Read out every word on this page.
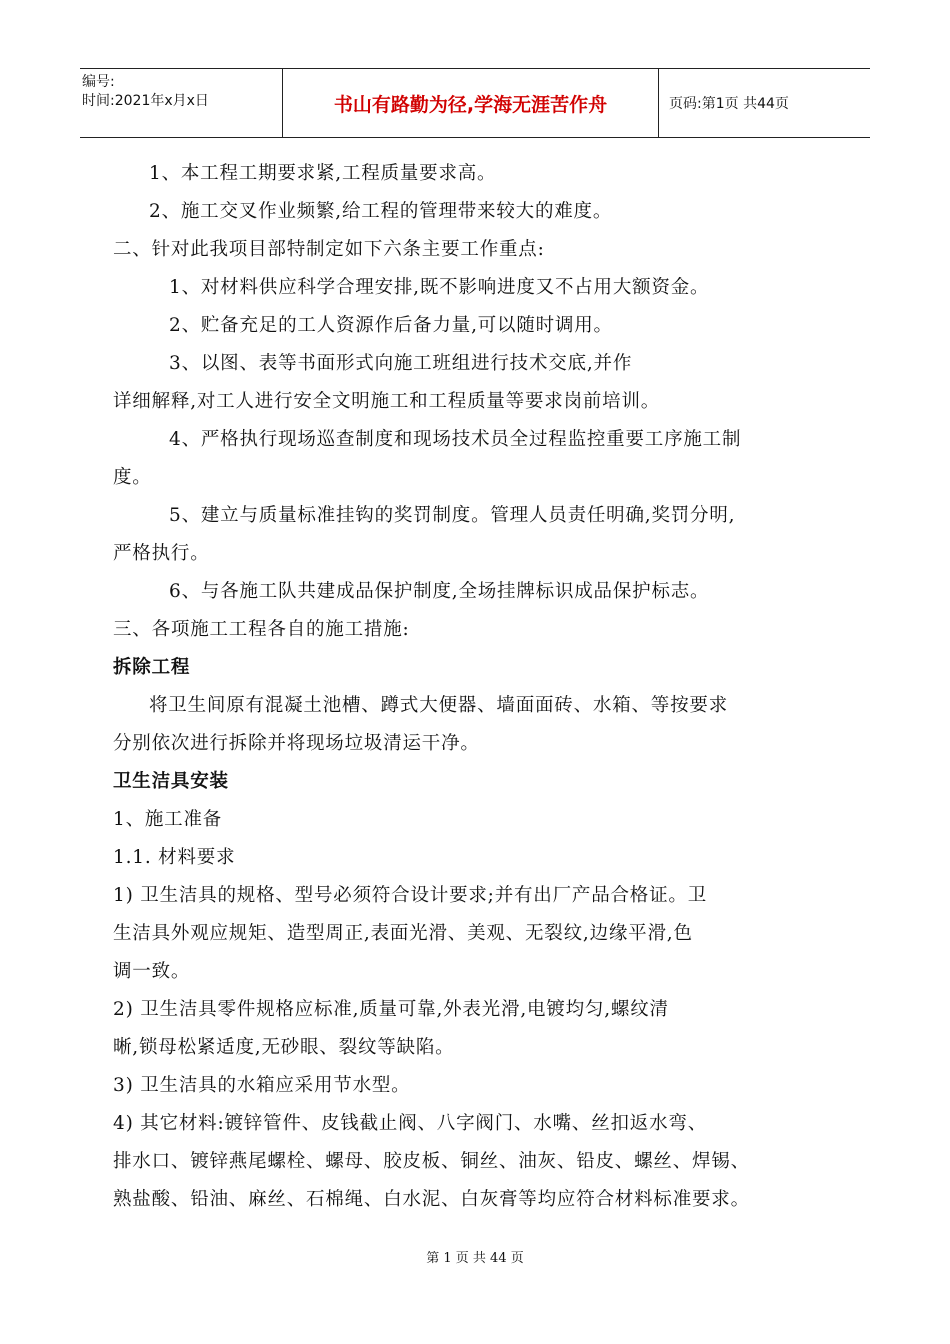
编号:
时间:2021年x月x日	书山有路勤为径,学海无涯苦作舟	页码:第1页 共44页
1、本工程工期要求紧,工程质量要求高。
2、施工交叉作业频繁,给工程的管理带来较大的难度。
二、针对此我项目部特制定如下六条主要工作重点:
1、对材料供应科学合理安排,既不影响进度又不占用大额资金。
2、贮备充足的工人资源作后备力量,可以随时调用。
3、以图、表等书面形式向施工班组进行技术交底,并作
详细解释,对工人进行安全文明施工和工程质量等要求岗前培训。
4、严格执行现场巡查制度和现场技术员全过程监控重要工序施工制
度。
5、建立与质量标准挂钩的奖罚制度。管理人员责任明确,奖罚分明,
严格执行。
6、与各施工队共建成品保护制度,全场挂牌标识成品保护标志。
三、各项施工工程各自的施工措施:
拆除工程
将卫生间原有混凝土池槽、蹲式大便器、墙面面砖、水箱、等按要求
分别依次进行拆除并将现场垃圾清运干净。
卫生洁具安装
1、施工准备
1.1. 材料要求
1) 卫生洁具的规格、型号必须符合设计要求;并有出厂产品合格证。卫
生洁具外观应规矩、造型周正,表面光滑、美观、无裂纹,边缘平滑,色
调一致。
2) 卫生洁具零件规格应标准,质量可靠,外表光滑,电镀均匀,螺纹清
晰,锁母松紧适度,无砂眼、裂纹等缺陷。
3) 卫生洁具的水箱应采用节水型。
4) 其它材料:镀锌管件、皮钱截止阀、八字阀门、水嘴、丝扣返水弯、
排水口、镀锌燕尾螺栓、螺母、胶皮板、铜丝、油灰、铅皮、螺丝、焊锡、
熟盐酸、铅油、麻丝、石棉绳、白水泥、白灰膏等均应符合材料标准要求。
第 1 页 共 44 页
